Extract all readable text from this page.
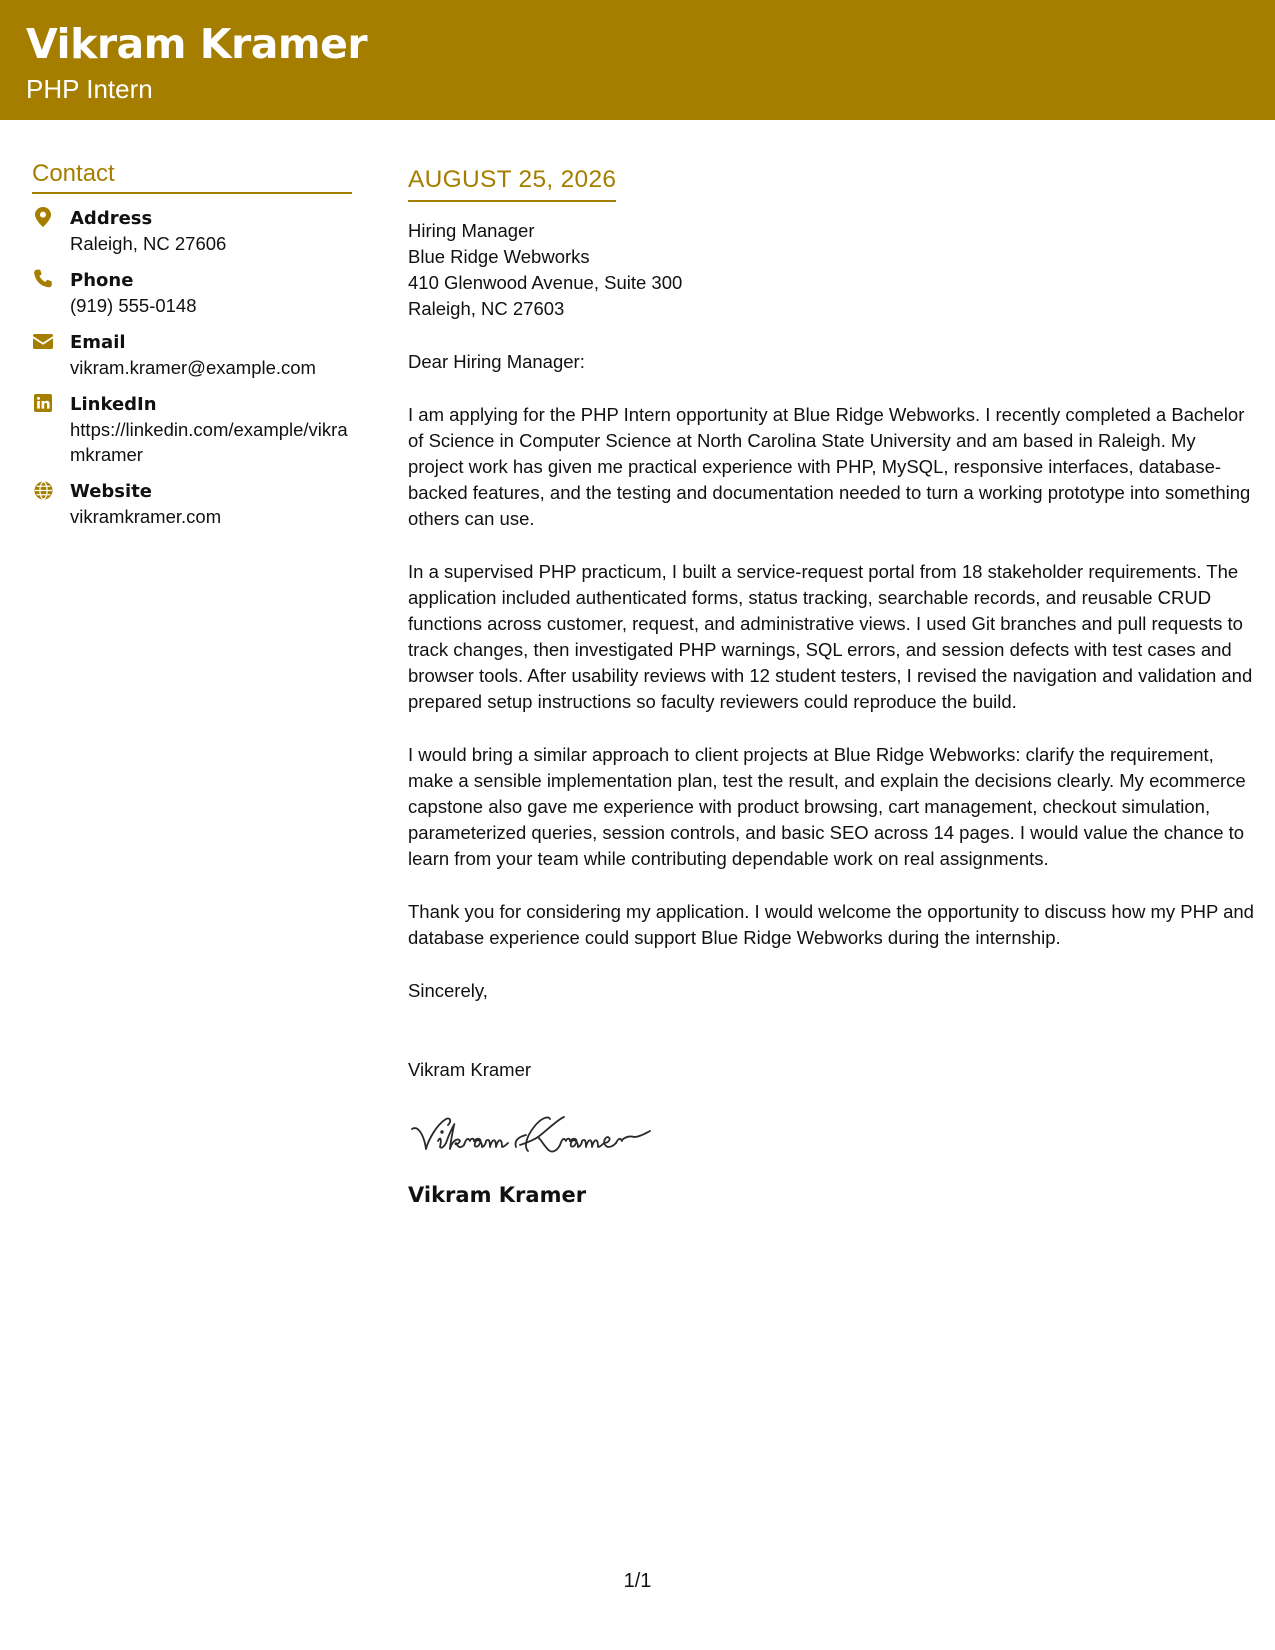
Vikram Kramer
PHP Intern
Contact
Address
Raleigh, NC 27606
Phone
(919) 555-0148
Email
vikram.kramer@example.com
LinkedIn
https://linkedin.com/example/vikramkramer
Website
vikramkramer.com
AUGUST 25, 2026
Hiring Manager
Blue Ridge Webworks
410 Glenwood Avenue, Suite 300
Raleigh, NC 27603
Dear Hiring Manager:
I am applying for the PHP Intern opportunity at Blue Ridge Webworks. I recently completed a Bachelor of Science in Computer Science at North Carolina State University and am based in Raleigh. My project work has given me practical experience with PHP, MySQL, responsive interfaces, database-backed features, and the testing and documentation needed to turn a working prototype into something others can use.
In a supervised PHP practicum, I built a service-request portal from 18 stakeholder requirements. The application included authenticated forms, status tracking, searchable records, and reusable CRUD functions across customer, request, and administrative views. I used Git branches and pull requests to track changes, then investigated PHP warnings, SQL errors, and session defects with test cases and browser tools. After usability reviews with 12 student testers, I revised the navigation and validation and prepared setup instructions so faculty reviewers could reproduce the build.
I would bring a similar approach to client projects at Blue Ridge Webworks: clarify the requirement, make a sensible implementation plan, test the result, and explain the decisions clearly. My ecommerce capstone also gave me experience with product browsing, cart management, checkout simulation, parameterized queries, session controls, and basic SEO across 14 pages. I would value the chance to learn from your team while contributing dependable work on real assignments.
Thank you for considering my application. I would welcome the opportunity to discuss how my PHP and database experience could support Blue Ridge Webworks during the internship.
Sincerely,
Vikram Kramer
Vikram Kramer
1/1
